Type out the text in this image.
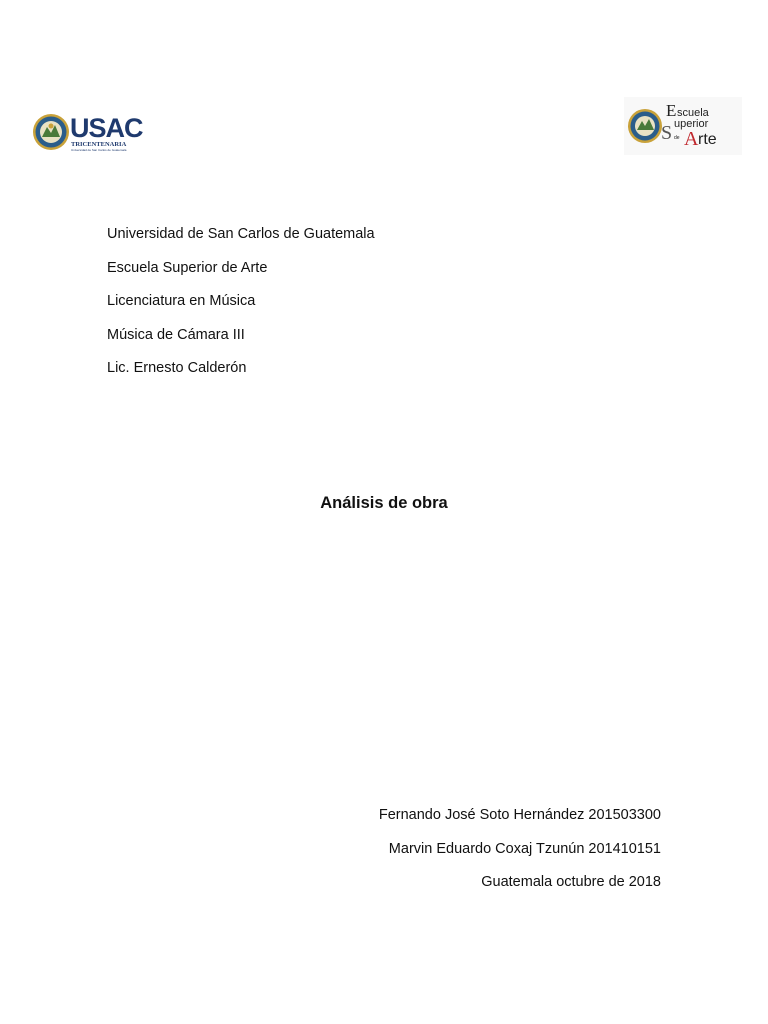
USAC
TRICENTENARIA
Universidad de San Carlos de Guatemala
E scuela
S uperior
de A rte
Universidad de San Carlos de Guatemala
Escuela Superior de Arte
Licenciatura en Música
Música de Cámara III
Lic. Ernesto Calderón
Análisis de obra
Fernando José Soto Hernández 201503300
Marvin Eduardo Coxaj Tzunún 201410151
Guatemala octubre de 2018
